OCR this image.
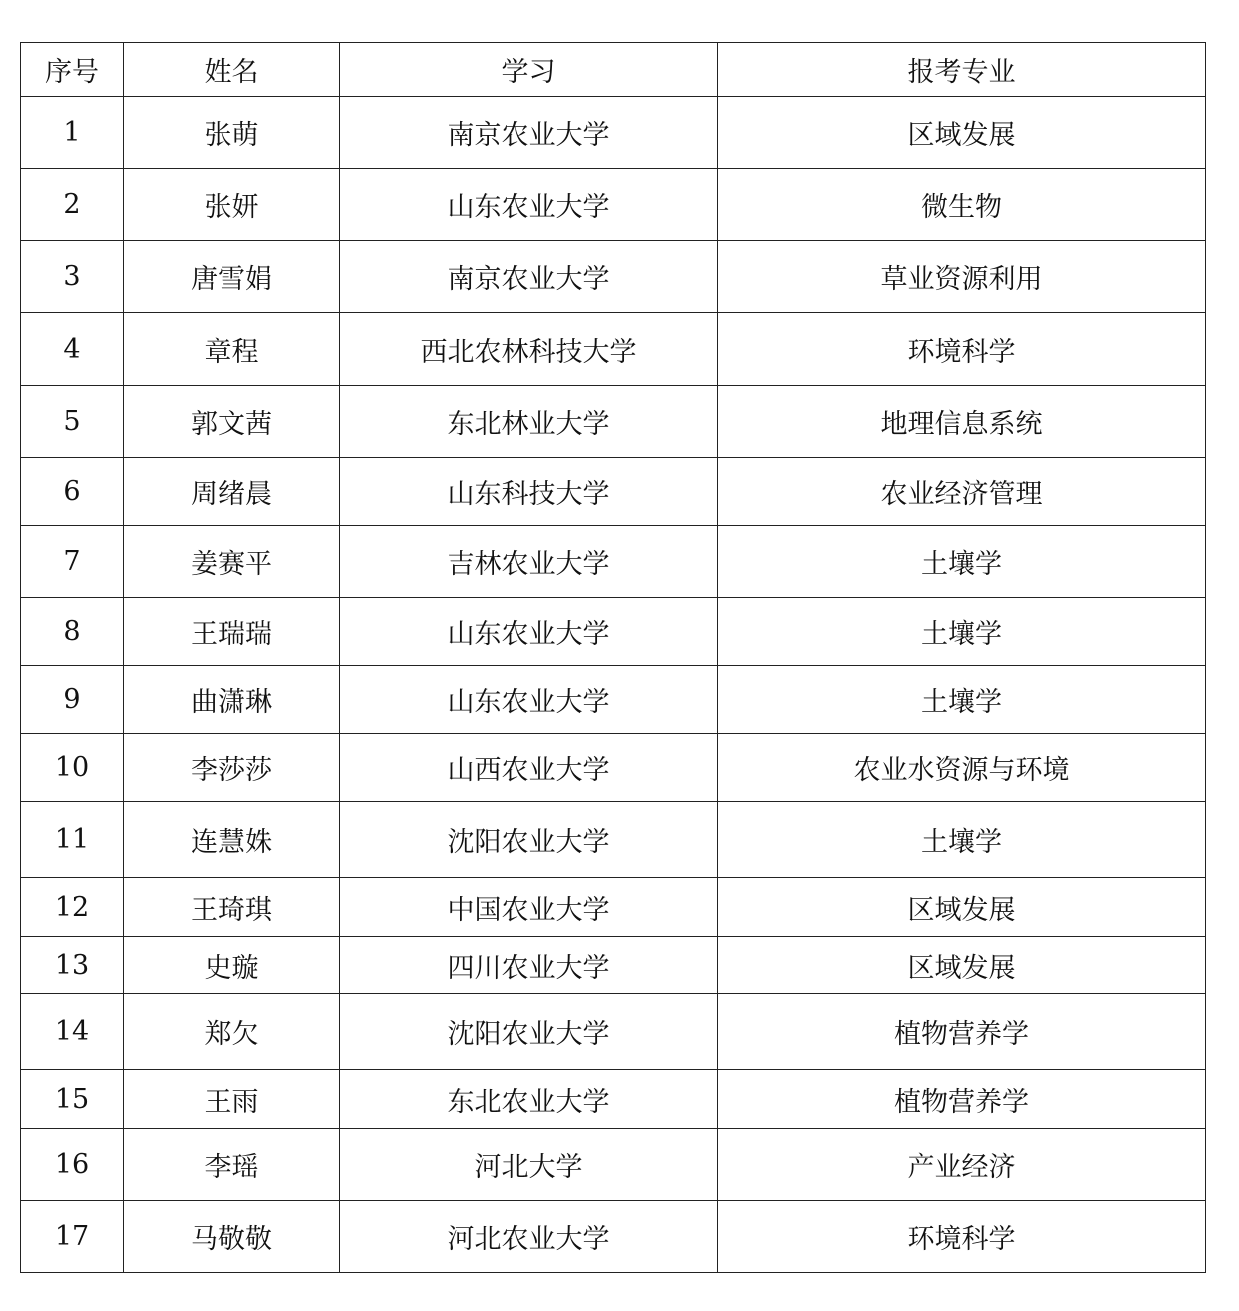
序号	姓名	学习	报考专业
1	张萌	南京农业大学	区域发展
2	张妍	山东农业大学	微生物
3	唐雪娟	南京农业大学	草业资源利用
4	章程	西北农林科技大学	环境科学
5	郭文茜	东北林业大学	地理信息系统
6	周绪晨	山东科技大学	农业经济管理
7	姜赛平	吉林农业大学	土壤学
8	王瑞瑞	山东农业大学	土壤学
9	曲潇琳	山东农业大学	土壤学
10	李莎莎	山西农业大学	农业水资源与环境
11	连慧姝	沈阳农业大学	土壤学
12	王琦琪	中国农业大学	区域发展
13	史璇	四川农业大学	区域发展
14	郑欠	沈阳农业大学	植物营养学
15	王雨	东北农业大学	植物营养学
16	李瑶	河北大学	产业经济
17	马敬敬	河北农业大学	环境科学
